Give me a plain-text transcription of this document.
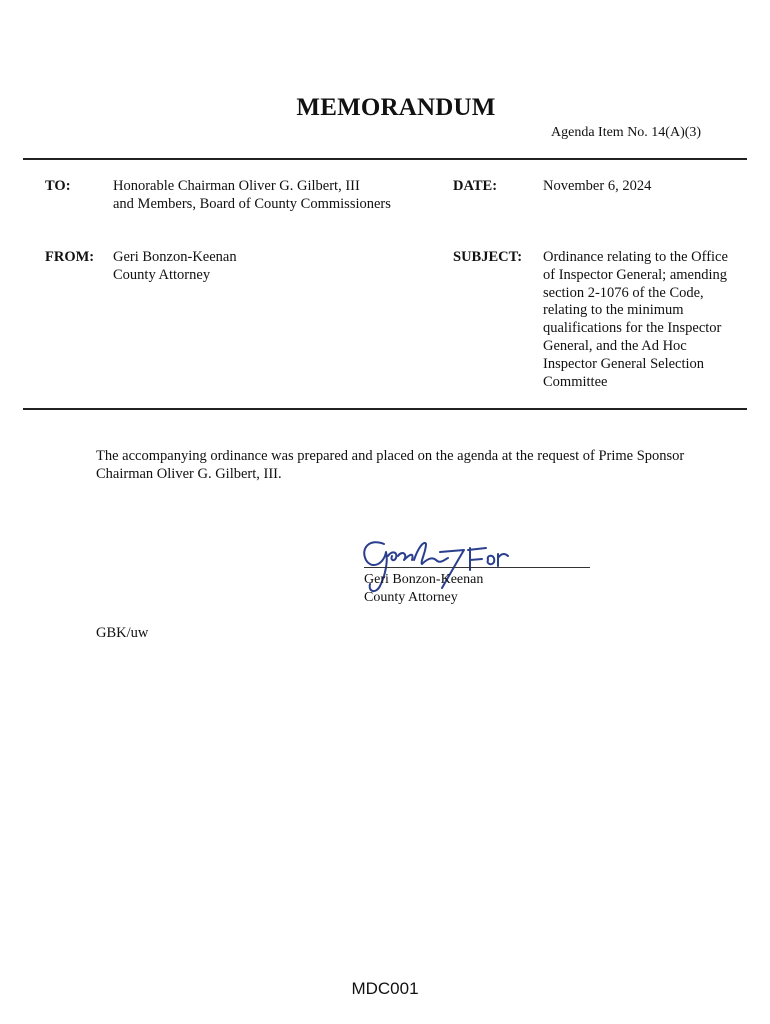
MEMORANDUM
Agenda Item No. 14(A)(3)
TO:	Honorable Chairman Oliver G. Gilbert, III
and Members, Board of County Commissioners
DATE:	November 6, 2024
FROM: Geri Bonzon-Keenan
County Attorney
SUBJECT: Ordinance relating to the Office
of Inspector General; amending
section 2-1076 of the Code,
relating to the minimum
qualifications for the Inspector
General, and the Ad Hoc
Inspector General Selection
Committee
The accompanying ordinance was prepared and placed on the agenda at the request of Prime Sponsor Chairman Oliver G. Gilbert, III.
Geri Bonzon-Keenan
County Attorney
GBK/uw
MDC001
